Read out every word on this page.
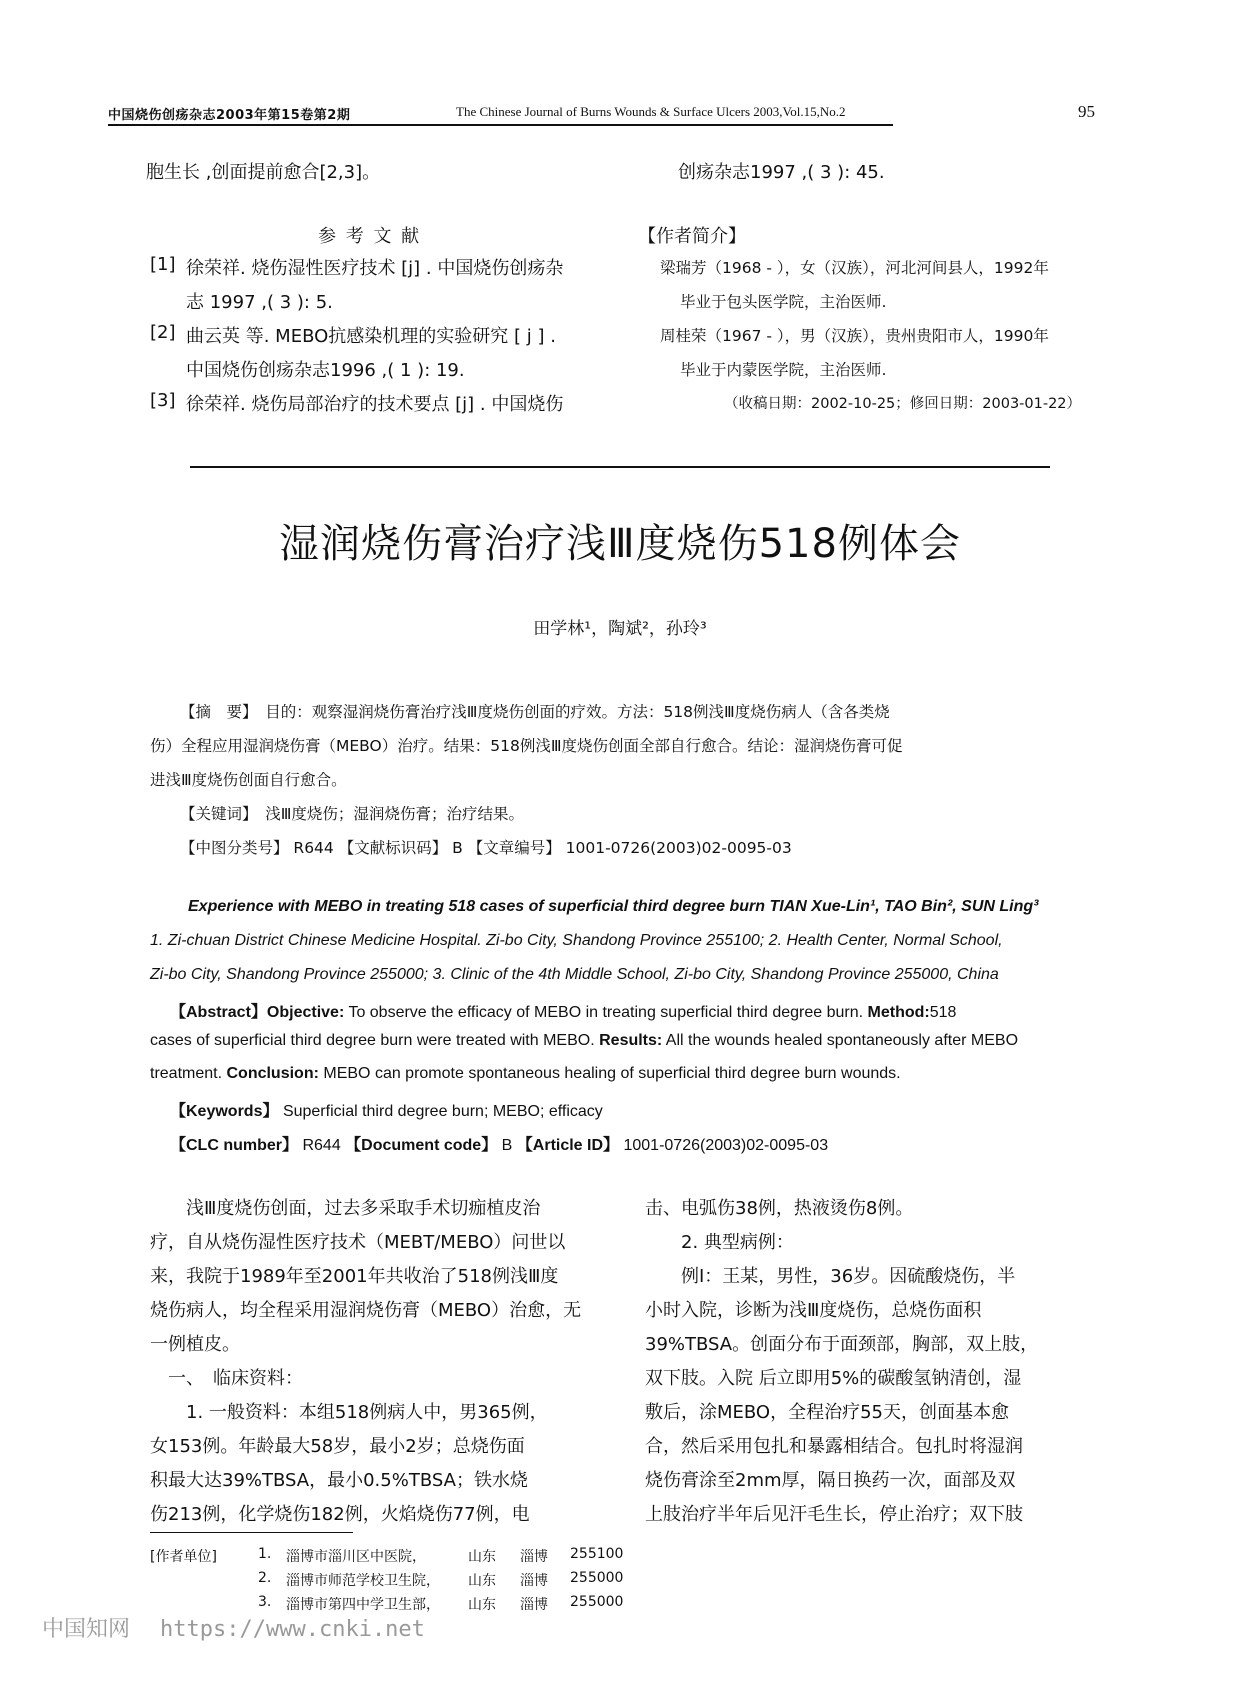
中国烧伤创疡杂志2003年第15卷第2期	The Chinese Journal of Burns Wounds & Surface Ulcers 2003,Vol.15,No.2	95
胞生长 ,创面提前愈合[2,3]。
参 考 文 献
[1] 徐荣祥. 烧伤湿性医疗技术 [j] . 中国烧伤创疡杂
志 1997 ,( 3 ): 5.
[2] 曲云英 等. MEBO抗感染机理的实验研究 [ j ] .
中国烧伤创疡杂志1996 ,( 1 ): 19.
[3] 徐荣祥. 烧伤局部治疗的技术要点 [j] . 中国烧伤
创疡杂志1997 ,( 3 ): 45.
【作者简介】
梁瑞芳（1968 - ），女（汉族），河北河间县人，1992年
毕业于包头医学院，主治医师.
周桂荣（1967 - ），男（汉族），贵州贵阳市人，1990年
毕业于内蒙医学院，主治医师.
（收稿日期：2002-10-25；修回日期：2003-01-22）
湿润烧伤膏治疗浅Ⅲ度烧伤518例体会
田学林¹，陶斌²，孙玲³
【摘　要】　目的：观察湿润烧伤膏治疗浅Ⅲ度烧伤创面的疗效。方法：518例浅Ⅲ度烧伤病人（含各类烧
伤）全程应用湿润烧伤膏（MEBO）治疗。结果：518例浅Ⅲ度烧伤创面全部自行愈合。结论：湿润烧伤膏可促
进浅Ⅲ度烧伤创面自行愈合。
【关键词】　浅Ⅲ度烧伤；湿润烧伤膏；治疗结果。
【中图分类号】 R644 【文献标识码】 B 【文章编号】 1001-0726(2003)02-0095-03
Experience with MEBO in treating 518 cases of superficial third degree burn TIAN Xue-Lin¹, TAO Bin², SUN Ling³
1. Zi-chuan District Chinese Medicine Hospital. Zi-bo City, Shandong Province 255100; 2. Health Center, Normal School,
Zi-bo City, Shandong Province 255000; 3. Clinic of the 4th Middle School, Zi-bo City, Shandong Province 255000, China
【Abstract】Objective: To observe the efficacy of MEBO in treating superficial third degree burn. Method:518
cases of superficial third degree burn were treated with MEBO. Results: All the wounds healed spontaneously after MEBO
treatment. Conclusion: MEBO can promote spontaneous healing of superficial third degree burn wounds.
【Keywords】 Superficial third degree burn; MEBO; efficacy
【CLC number】 R644 【Document code】 B 【Article ID】 1001-0726(2003)02-0095-03
　　浅Ⅲ度烧伤创面，过去多采取手术切痂植皮治
疗，自从烧伤湿性医疗技术（MEBT/MEBO）问世以
来，我院于1989年至2001年共收治了518例浅Ⅲ度
烧伤病人，均全程采用湿润烧伤膏（MEBO）治愈，无
一例植皮。
　一、　临床资料：
　　1. 一般资料：本组518例病人中，男365例，
女153例。年龄最大58岁，最小2岁；总烧伤面
积最大达39%TBSA，最小0.5%TBSA；铁水烧
伤213例，化学烧伤182例，火焰烧伤77例，电
击、电弧伤38例，热液烫伤8例。
　　2. 典型病例：
　　例Ⅰ：王某，男性，36岁。因硫酸烧伤，半
小时入院，诊断为浅Ⅲ度烧伤，总烧伤面积
39%TBSA。创面分布于面颈部，胸部，双上肢，
双下肢。入院 后立即用5%的碳酸氢钠清创，湿
敷后，涂MEBO，全程治疗55天，创面基本愈
合，然后采用包扎和暴露相结合。包扎时将湿润
烧伤膏涂至2mm厚，隔日换药一次，面部及双
上肢治疗半年后见汗毛生长，停止治疗；双下肢
[作者单位]	1. 淄博市淄川区中医院，	山东 淄博 255100
2. 淄博市师范学校卫生院， 山东 淄博 255000
3. 淄博市第四中学卫生部， 山东 淄博 255000
中国知网 https://www.cnki.net
